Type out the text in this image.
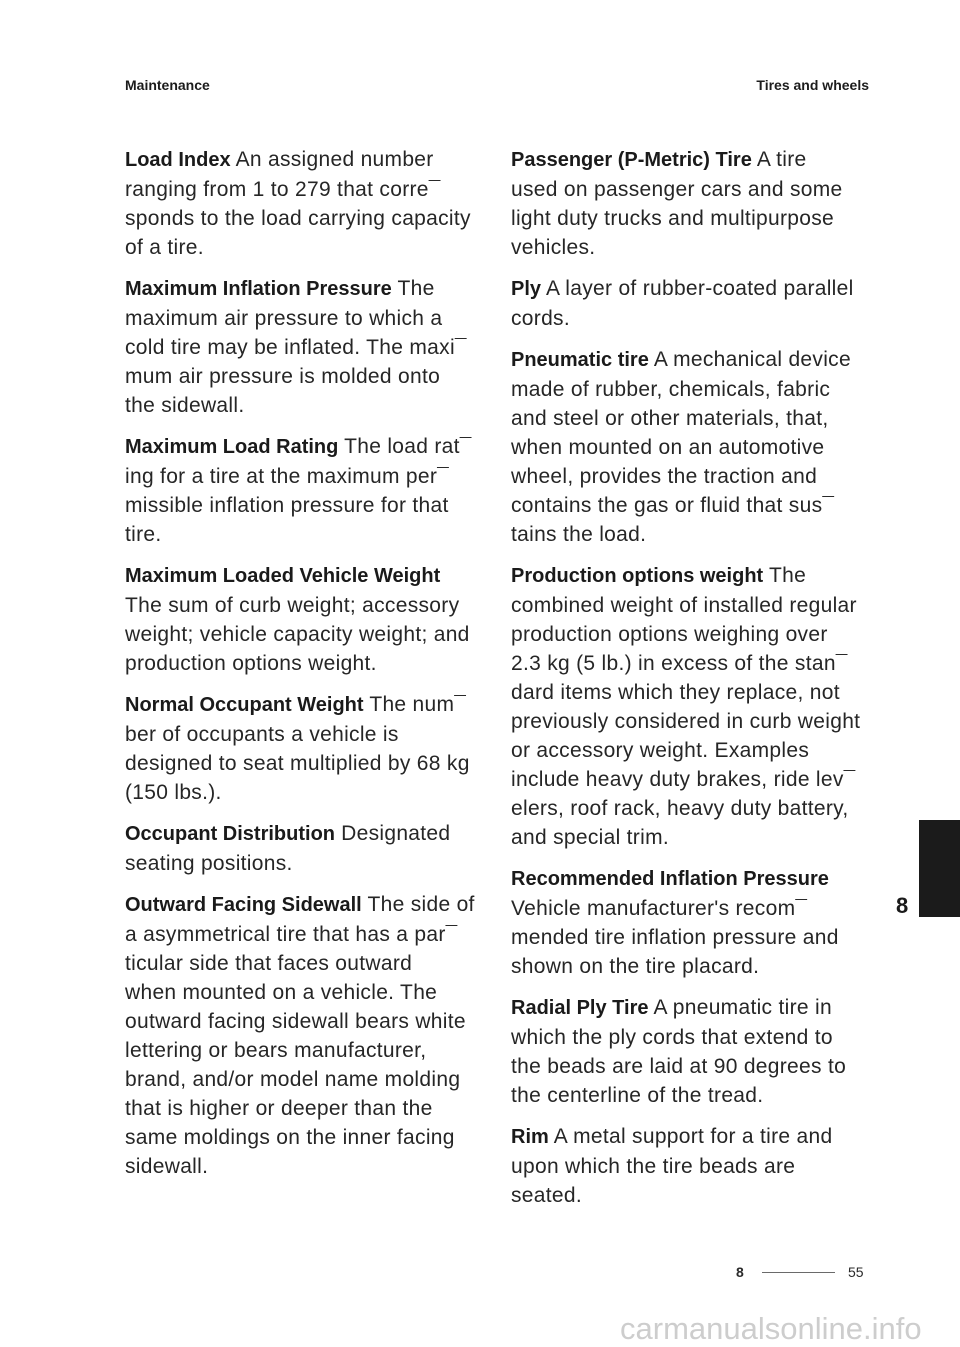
Maintenance	Tires and wheels

Load Index An assigned number
ranging from 1 to 279 that corre¯
sponds to the load carrying capacity
of a tire.

Maximum Inflation Pressure The
maximum air pressure to which a
cold tire may be inflated. The maxi¯
mum air pressure is molded onto
the sidewall.

Maximum Load Rating The load rat¯
ing for a tire at the maximum per¯
missible inflation pressure for that
tire.

Maximum Loaded Vehicle Weight
The sum of curb weight; accessory
weight; vehicle capacity weight; and
production options weight.

Normal Occupant Weight The num¯
ber of occupants a vehicle is
designed to seat multiplied by 68 kg
(150 lbs.).

Occupant Distribution Designated
seating positions.

Outward Facing Sidewall The side of
a asymmetrical tire that has a par¯
ticular side that faces outward
when mounted on a vehicle. The
outward facing sidewall bears white
lettering or bears manufacturer,
brand, and/or model name molding
that is higher or deeper than the
same moldings on the inner facing
sidewall.

Passenger (P-Metric) Tire A tire
used on passenger cars and some
light duty trucks and multipurpose
vehicles.

Ply A layer of rubber-coated parallel
cords.

Pneumatic tire A mechanical device
made of rubber, chemicals, fabric
and steel or other materials, that,
when mounted on an automotive
wheel, provides the traction and
contains the gas or fluid that sus¯
tains the load.

Production options weight The
combined weight of installed regular
production options weighing over
2.3 kg (5 lb.) in excess of the stan¯
dard items which they replace, not
previously considered in curb weight
or accessory weight. Examples
include heavy duty brakes, ride lev¯
elers, roof rack, heavy duty battery,
and special trim.

Recommended Inflation Pressure
Vehicle manufacturer's recom¯
mended tire inflation pressure and
shown on the tire placard.

Radial Ply Tire A pneumatic tire in
which the ply cords that extend to
the beads are laid at 90 degrees to
the centerline of the tread.

Rim A metal support for a tire and
upon which the tire beads are
seated.

8
8	55
carmanualsonline.info
